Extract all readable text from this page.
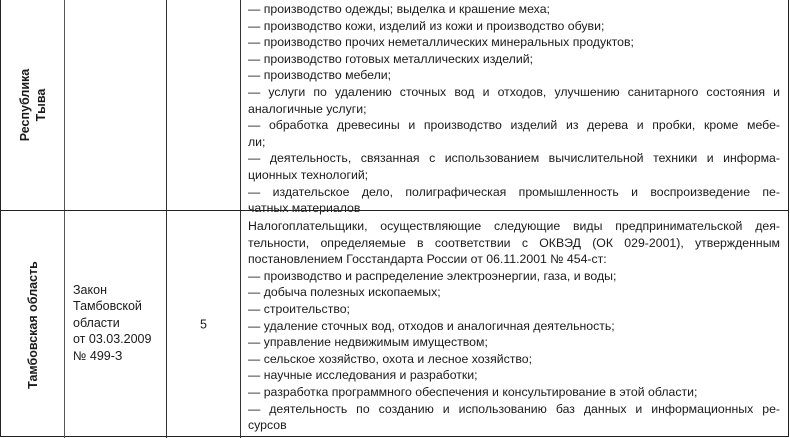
Республика Тыва
— производство одежды; выделка и крашение меха;
— производство кожи, изделий из кожи и производство обуви;
— производство прочих неметаллических минеральных продуктов;
— производство готовых металлических изделий;
— производство мебели;
— услуги по удалению сточных вод и отходов, улучшению санитарного состояния и
аналогичные услуги;
— обработка древесины и производство изделий из дерева и пробки, кроме мебе-
ли;
— деятельность, связанная с использованием вычислительной техники и информа-
ционных технологий;
— издательское дело, полиграфическая промышленность и воспроизведение пе-
чатных материалов
Тамбовская область	Закон
Тамбовской
области
от 03.03.2009
№ 499-З
5
Налогоплательщики, осуществляющие следующие виды предпринимательской дея-
тельности, определяемые в соответствии с ОКВЭД (ОК 029-2001), утвержденным
постановлением Госстандарта России от 06.11.2001 № 454-ст:
— производство и распределение электроэнергии, газа, и воды;
— добыча полезных ископаемых;
— строительство;
— удаление сточных вод, отходов и аналогичная деятельность;
— управление недвижимым имуществом;
— сельское хозяйство, охота и лесное хозяйство;
— научные исследования и разработки;
— разработка программного обеспечения и консультирование в этой области;
— деятельность по созданию и использованию баз данных и информационных ре-
сурсов
